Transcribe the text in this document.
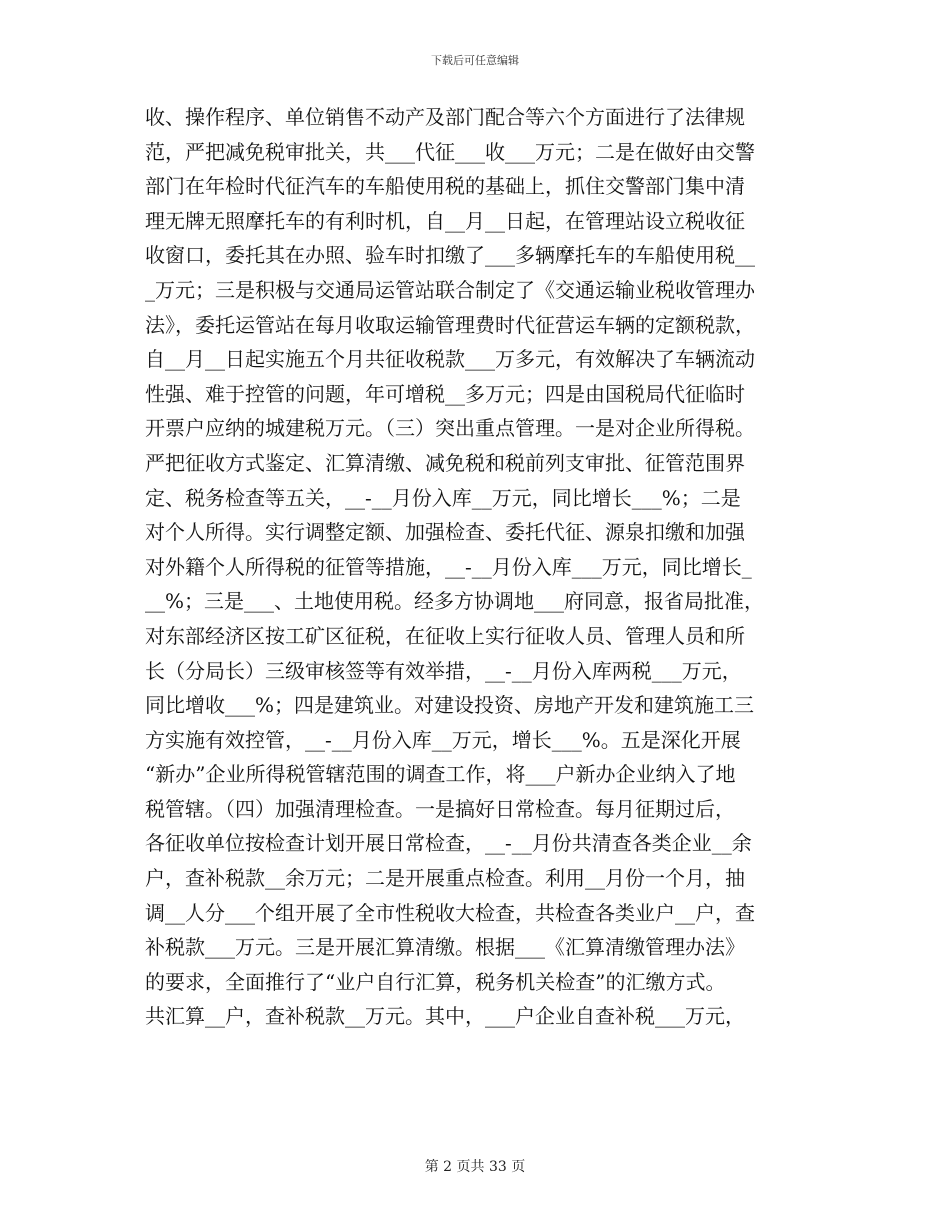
下载后可任意编辑
收、操作程序、单位销售不动产及部门配合等六个方面进行了法律规
范，严把减免税审批关，共___代征___收___万元；二是在做好由交警
部门在年检时代征汽车的车船使用税的基础上，抓住交警部门集中清
理无牌无照摩托车的有利时机，自__月__日起，在管理站设立税收征
收窗口，委托其在办照、验车时扣缴了___多辆摩托车的车船使用税__
_万元；三是积极与交通局运管站联合制定了《交通运输业税收管理办
法》，委托运管站在每月收取运输管理费时代征营运车辆的定额税款，
自__月__日起实施五个月共征收税款___万多元，有效解决了车辆流动
性强、难于控管的问题，年可增税__多万元；四是由国税局代征临时
开票户应纳的城建税万元。（三）突出重点管理。一是对企业所得税。
严把征收方式鉴定、汇算清缴、减免税和税前列支审批、征管范围界
定、税务检查等五关，__-__月份入库__万元，同比增长___%；二是
对个人所得。实行调整定额、加强检查、委托代征、源泉扣缴和加强
对外籍个人所得税的征管等措施，__-__月份入库___万元，同比增长_
__%；三是___、土地使用税。经多方协调地___府同意，报省局批准，
对东部经济区按工矿区征税，在征收上实行征收人员、管理人员和所
长（分局长）三级审核签等有效举措，__-__月份入库两税___万元，
同比增收___%；四是建筑业。对建设投资、房地产开发和建筑施工三
方实施有效控管，__-__月份入库__万元，增长___%。五是深化开展
“新办”企业所得税管辖范围的调查工作，将___户新办企业纳入了地
税管辖。（四）加强清理检查。一是搞好日常检查。每月征期过后，
各征收单位按检查计划开展日常检查，__-__月份共清查各类企业__余
户，查补税款__余万元；二是开展重点检查。利用__月份一个月，抽
调__人分___个组开展了全市性税收大检查，共检查各类业户__户，查
补税款___万元。三是开展汇算清缴。根据___《汇算清缴管理办法》
的要求，全面推行了“业户自行汇算，税务机关检查”的汇缴方式。
共汇算__户，查补税款__万元。其中，___户企业自查补税___万元，
第 2 页共 33 页
